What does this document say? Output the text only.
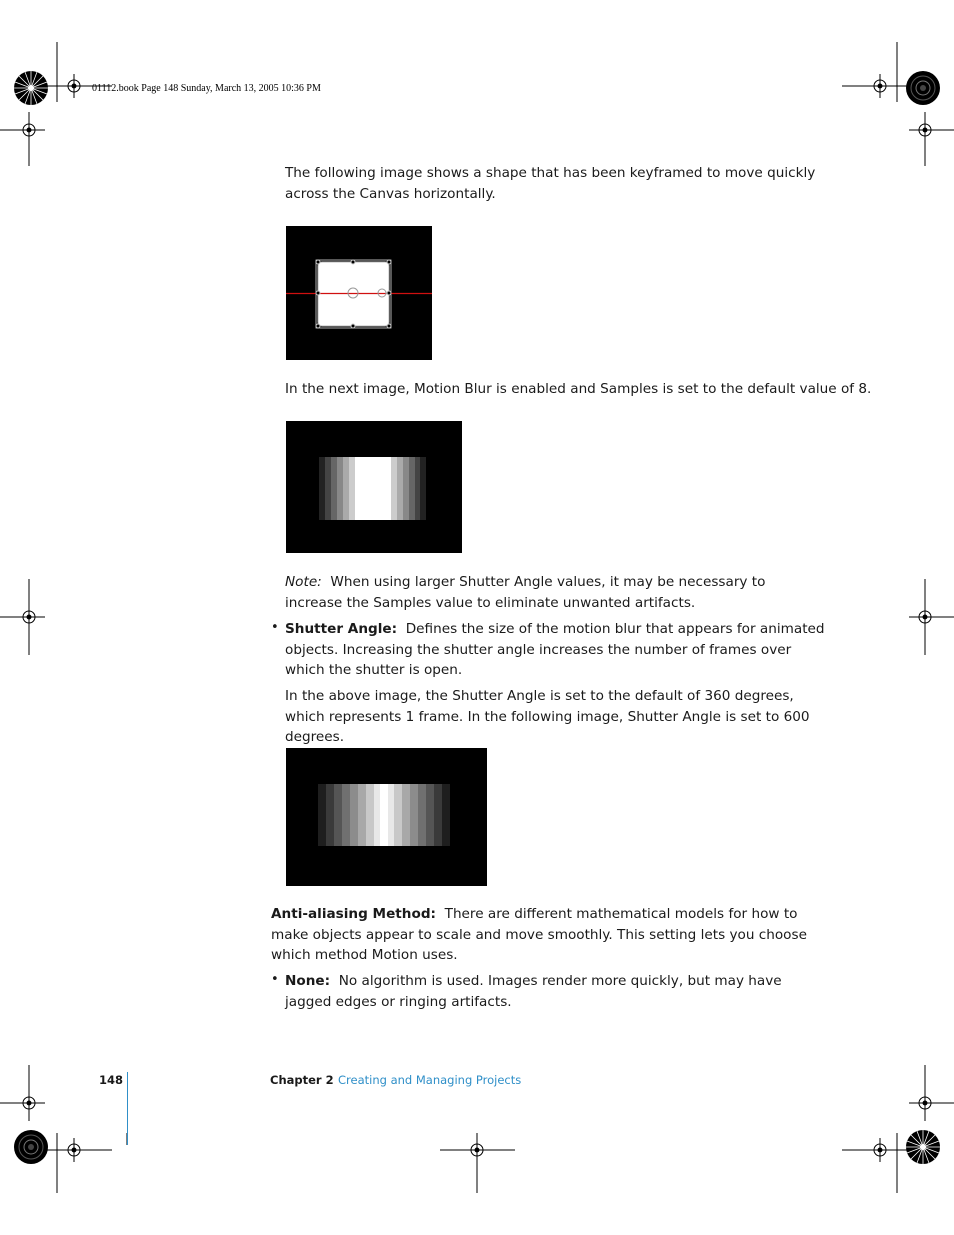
01112.book Page 148 Sunday, March 13, 2005 10:36 PM

The following image shows a shape that has been keyframed to move quickly across the Canvas horizontally.

In the next image, Motion Blur is enabled and Samples is set to the default value of 8.

Note: When using larger Shutter Angle values, it may be necessary to increase the Samples value to eliminate unwanted artifacts.

• Shutter Angle: Defines the size of the motion blur that appears for animated objects. Increasing the shutter angle increases the number of frames over which the shutter is open.

In the above image, the Shutter Angle is set to the default of 360 degrees, which represents 1 frame. In the following image, Shutter Angle is set to 600 degrees.

Anti-aliasing Method: There are different mathematical models for how to make objects appear to scale and move smoothly. This setting lets you choose which method Motion uses.

• None: No algorithm is used. Images render more quickly, but may have jagged edges or ringing artifacts.

148	Chapter 2 Creating and Managing Projects
